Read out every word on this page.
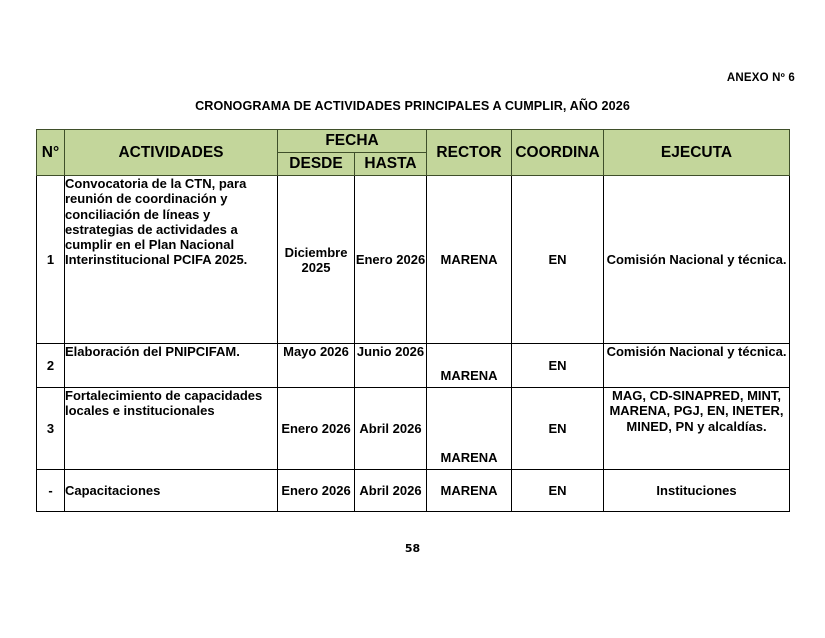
ANEXO Nº 6
CRONOGRAMA DE ACTIVIDADES PRINCIPALES A CUMPLIR, AÑO 2026
N°	ACTIVIDADES	FECHA		RECTOR	COORDINA	EJECUTA
		DESDE	HASTA			
1	Convocatoria de la CTN, para reunión de coordinación y conciliación de líneas y estrategias de actividades a cumplir en el Plan Nacional Interinstitucional PCIFA 2025.	Diciembre 2025	Enero 2026	MARENA	EN	Comisión Nacional y técnica.
2	Elaboración del PNIPCIFAM.	Mayo 2026	Junio 2026	MARENA	EN	Comisión Nacional y técnica.
3	Fortalecimiento de capacidades locales e institucionales	Enero 2026	Abril 2026	MARENA	EN	MAG, CD-SINAPRED, MINT, MARENA, PGJ, EN, INETER, MINED, PN y alcaldías.
-	Capacitaciones	Enero 2026	Abril 2026	MARENA	EN	Instituciones
58
